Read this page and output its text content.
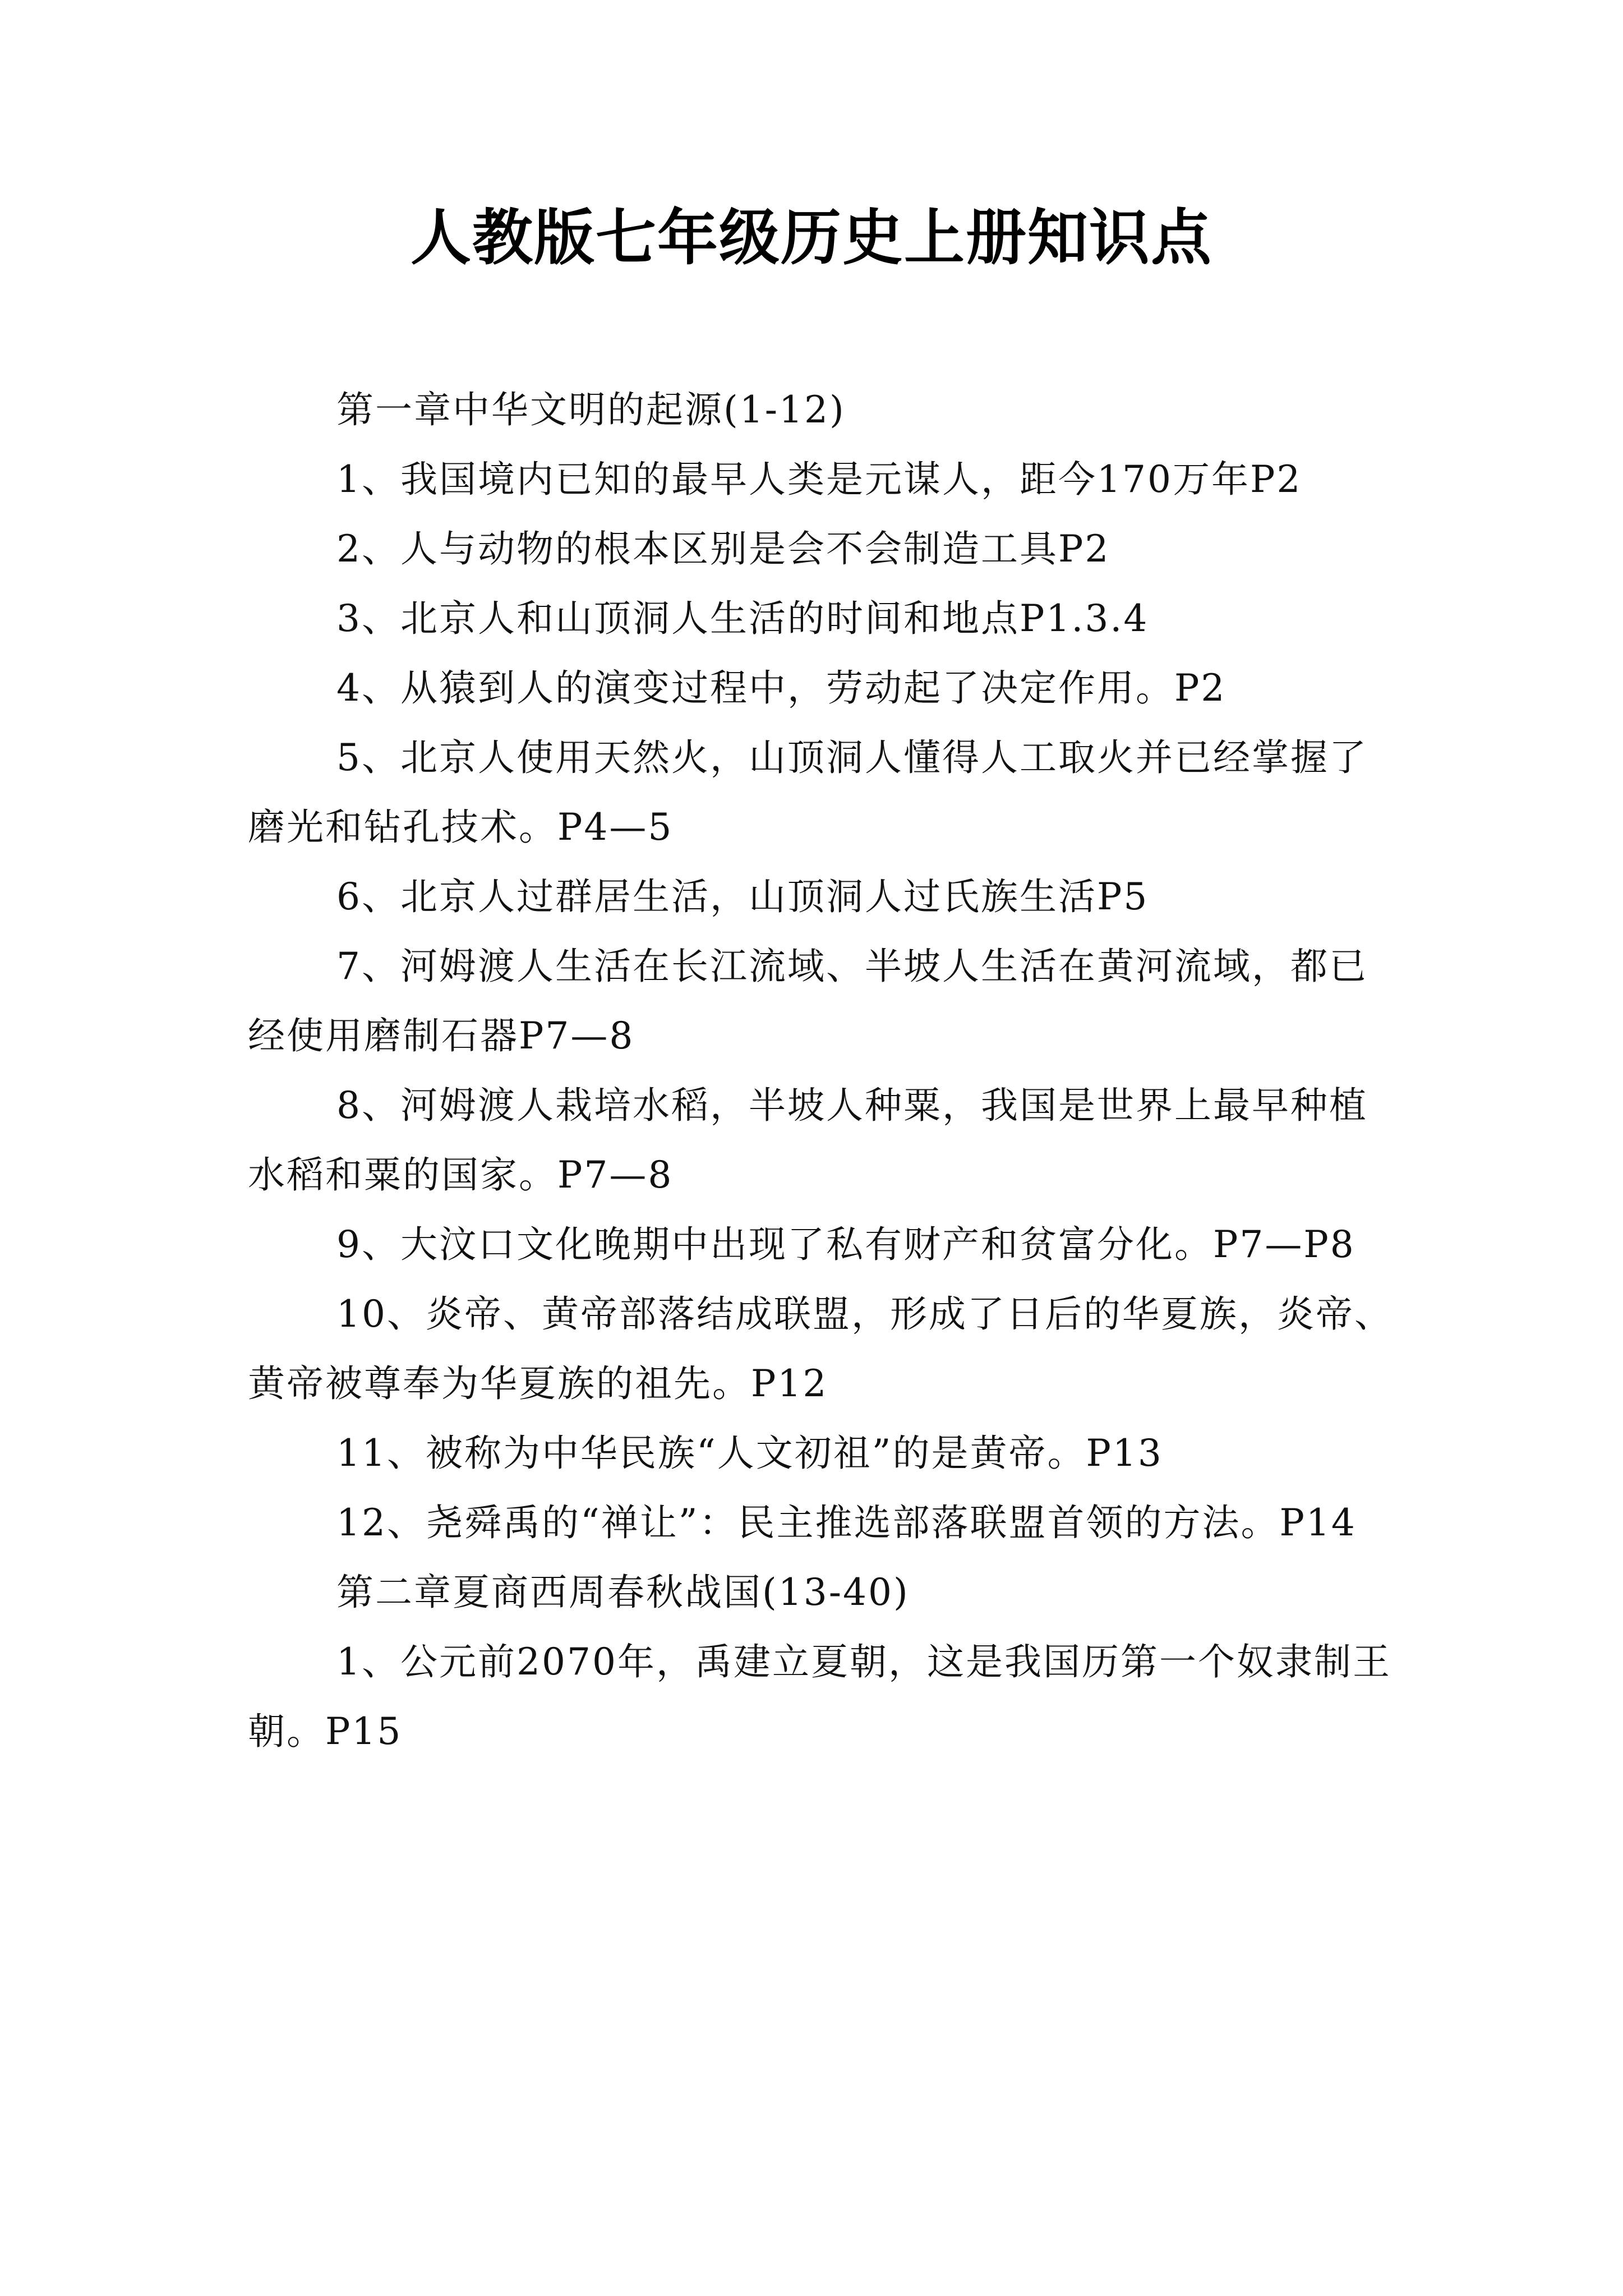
人教版七年级历史上册知识点

第一章中华文明的起源(1-12)

1、我国境内已知的最早人类是元谋人，距今170万年P2

2、人与动物的根本区别是会不会制造工具P2

3、北京人和山顶洞人生活的时间和地点P1.3.4

4、从猿到人的演变过程中，劳动起了决定作用。P2

5、北京人使用天然火，山顶洞人懂得人工取火并已经掌握了磨光和钻孔技术。P4—5

6、北京人过群居生活，山顶洞人过氏族生活P5

7、河姆渡人生活在长江流域、半坡人生活在黄河流域，都已经使用磨制石器P7—8

8、河姆渡人栽培水稻，半坡人种粟，我国是世界上最早种植水稻和粟的国家。P7—8

9、大汶口文化晚期中出现了私有财产和贫富分化。P7—P8

10、炎帝、黄帝部落结成联盟，形成了日后的华夏族，炎帝、黄帝被尊奉为华夏族的祖先。P12

11、被称为中华民族“人文初祖”的是黄帝。P13

12、尧舜禹的“禅让”：民主推选部落联盟首领的方法。P14

第二章夏商西周春秋战国(13-40)

1、公元前2070年，禹建立夏朝，这是我国历第一个奴隶制王朝。P15
